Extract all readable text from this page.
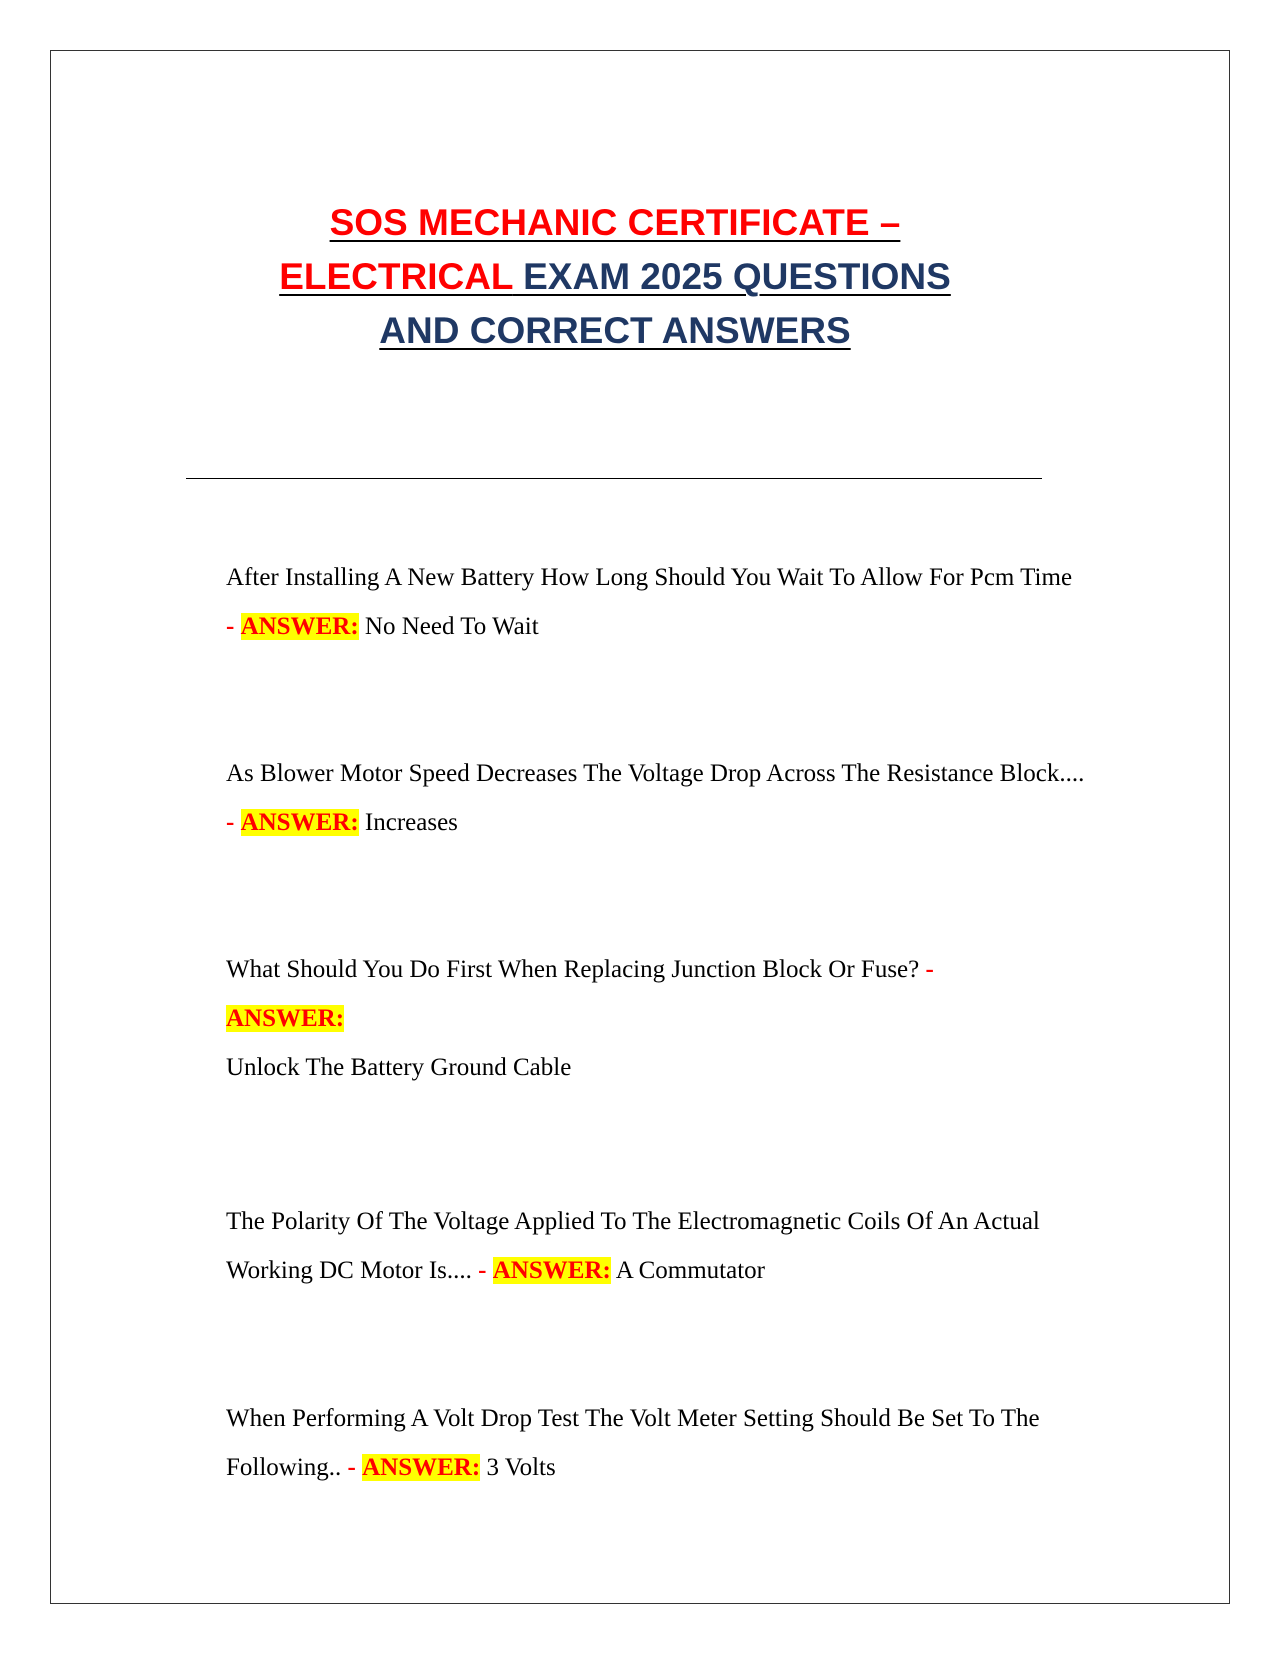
SOS MECHANIC CERTIFICATE –
ELECTRICAL EXAM 2025 QUESTIONS
AND CORRECT ANSWERS
After Installing A New Battery How Long Should You Wait To Allow For Pcm Time - ANSWER: No Need To Wait
As Blower Motor Speed Decreases The Voltage Drop Across The Resistance Block.... - ANSWER: Increases
What Should You Do First When Replacing Junction Block Or Fuse? -
ANSWER:
Unlock The Battery Ground Cable
The Polarity Of The Voltage Applied To The Electromagnetic Coils Of An Actual Working DC Motor Is.... - ANSWER: A Commutator
When Performing A Volt Drop Test The Volt Meter Setting Should Be Set To The Following.. - ANSWER: 3 Volts
